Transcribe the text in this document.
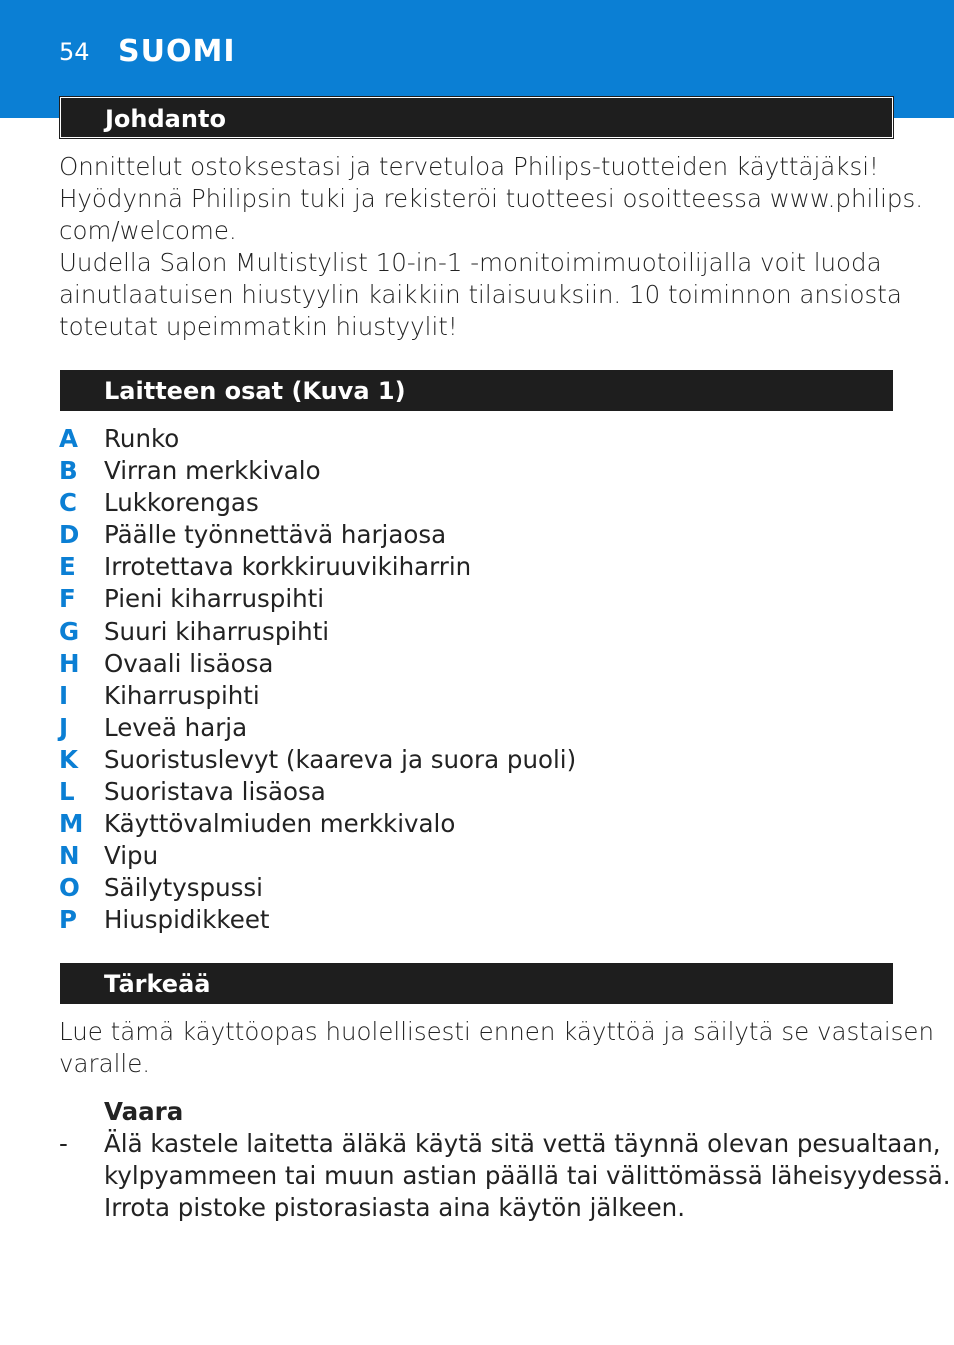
54 SUOMI
Johdanto
Onnittelut ostoksestasi ja tervetuloa Philips-tuotteiden käyttäjäksi!
Hyödynnä Philipsin tuki ja rekisteröi tuotteesi osoitteessa www.philips.
com/welcome.
Uudella Salon Multistylist 10-in-1 -monitoimimuotoilijalla voit luoda
ainutlaatuisen hiustyylin kaikkiin tilaisuuksiin. 10 toiminnon ansiosta
toteutat upeimmatkin hiustyylit!
Laitteen osat (Kuva 1)
A Runko
B Virran merkkivalo
C Lukkorengas
D Päälle työnnettävä harjaosa
E Irrotettava korkkiruuvikiharrin
F Pieni kiharruspihti
G Suuri kiharruspihti
H Ovaali lisäosa
I Kiharruspihti
J Leveä harja
K Suoristuslevyt (kaareva ja suora puoli)
L Suoristava lisäosa
M Käyttövalmiuden merkkivalo
N Vipu
O Säilytyspussi
P Hiuspidikkeet
Tärkeää
Lue tämä käyttöopas huolellisesti ennen käyttöä ja säilytä se vastaisen
varalle.
Vaara
- Älä kastele laitetta äläkä käytä sitä vettä täynnä olevan pesualtaan,
kylpyammeen tai muun astian päällä tai välittömässä läheisyydessä.
Irrota pistoke pistorasiasta aina käytön jälkeen.
